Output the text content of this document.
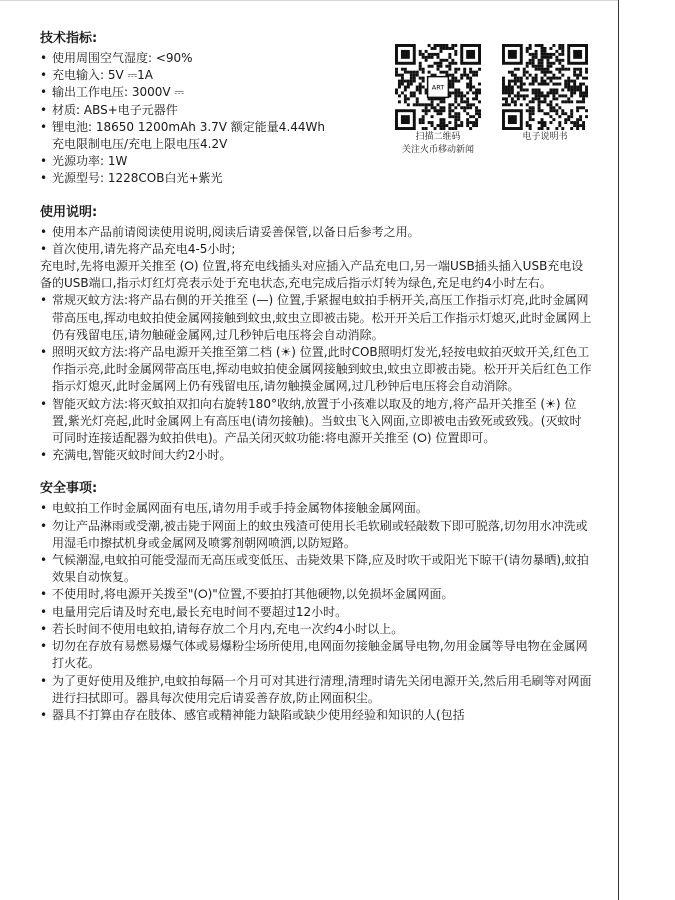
技术指标:
• 使用周围空气湿度: <90%
• 充电输入: 5V ⎓1A
• 输出工作电压: 3000V ⎓
• 材质: ABS+电子元器件
• 锂电池: 18650 1200mAh 3.7V 额定能量4.44Wh
充电限制电压/充电上限电压4.2V
• 光源功率: 1W
• 光源型号: 1228COB白光+紫光
使用说明:
• 使用本产品前请阅读使用说明,阅读后请妥善保管,以备日后参考之用。
• 首次使用,请先将产品充电4-5小时;
充电时,先将电源开关推至 (⭘) 位置,将充电线插头对应插入产品充电口,另一端USB插头插入USB充电设备的USB端口,指示灯红灯亮表示处于充电状态,充电完成后指示灯转为绿色,充足电约4小时左右。
• 常规灭蚊方法:将产品右侧的开关推至 (—) 位置,手紧握电蚊拍手柄开关,高压工作指示灯亮,此时金属网带高压电,挥动电蚊拍使金属网接触到蚊虫,蚊虫立即被击毙。松开开关后工作指示灯熄灭,此时金属网上仍有残留电压,请勿触碰金属网,过几秒钟后电压将会自动消除。
• 照明灭蚊方法:将产品电源开关推至第二档 (☀) 位置,此时COB照明灯发光,轻按电蚊拍灭蚊开关,红色工作指示亮,此时金属网带高压电,挥动电蚊拍使金属网接触到蚊虫,蚊虫立即被击毙。松开开关后红色工作指示灯熄灭,此时金属网上仍有残留电压,请勿触摸金属网,过几秒钟后电压将会自动消除。
• 智能灭蚊方法:将灭蚊拍双扣向右旋转180°收纳,放置于小孩难以取及的地方,将产品开关推至 (☀) 位置,紫光灯亮起,此时金属网上有高压电(请勿接触)。当蚊虫飞入网面,立即被电击致死或致残。(灭蚊时可同时连接适配器为蚊拍供电)。产品关闭灭蚊功能:将电源开关推至 (⭘) 位置即可。
• 充满电,智能灭蚊时间大约2小时。
安全事项:
• 电蚊拍工作时金属网面有电压,请勿用手或手持金属物体接触金属网面。
• 勿让产品淋雨或受潮,被击毙于网面上的蚊虫残渣可使用长毛软刷或轻敲数下即可脱落,切勿用水冲洗或用湿毛巾擦拭机身或金属网及喷雾剂朝网喷洒,以防短路。
• 气候潮湿,电蚊拍可能受湿而无高压或变低压、击毙效果下降,应及时吹干或阳光下晾干(请勿暴晒),蚊拍效果自动恢复。
• 不使用时,将电源开关拨至"(⭘)"位置,不要拍打其他硬物,以免损坏金属网面。
• 电量用完后请及时充电,最长充电时间不要超过12小时。
• 若长时间不使用电蚊拍,请每存放二个月内,充电一次约4小时以上。
• 切勿在存放有易燃易爆气体或易爆粉尘场所使用,电网面勿接触金属导电物,勿用金属等导电物在金属网打火花。
• 为了更好使用及维护,电蚊拍每隔一个月可对其进行清理,清理时请先关闭电源开关,然后用毛刷等对网面进行扫拭即可。器具每次使用完后请妥善存放,防止网面积尘。
• 器具不打算由存在肢体、感官或精神能力缺陷或缺少使用经验和知识的人(包括
ART
扫描二维码
关注火币移动新闻
电子说明书
